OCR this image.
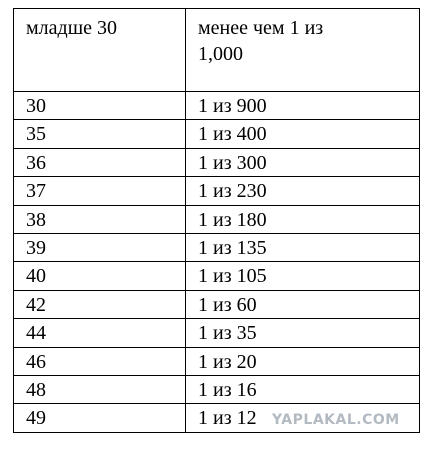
младше 30	менее чем 1 из 1,000

30	1 из 900
35	1 из 400
36	1 из 300
37	1 из 230
38	1 из 180
39	1 из 135
40	1 из 105
42	1 из 60
44	1 из 35
46	1 из 20
48	1 из 16
49	1 из 12 YAPLAKAL.COM
